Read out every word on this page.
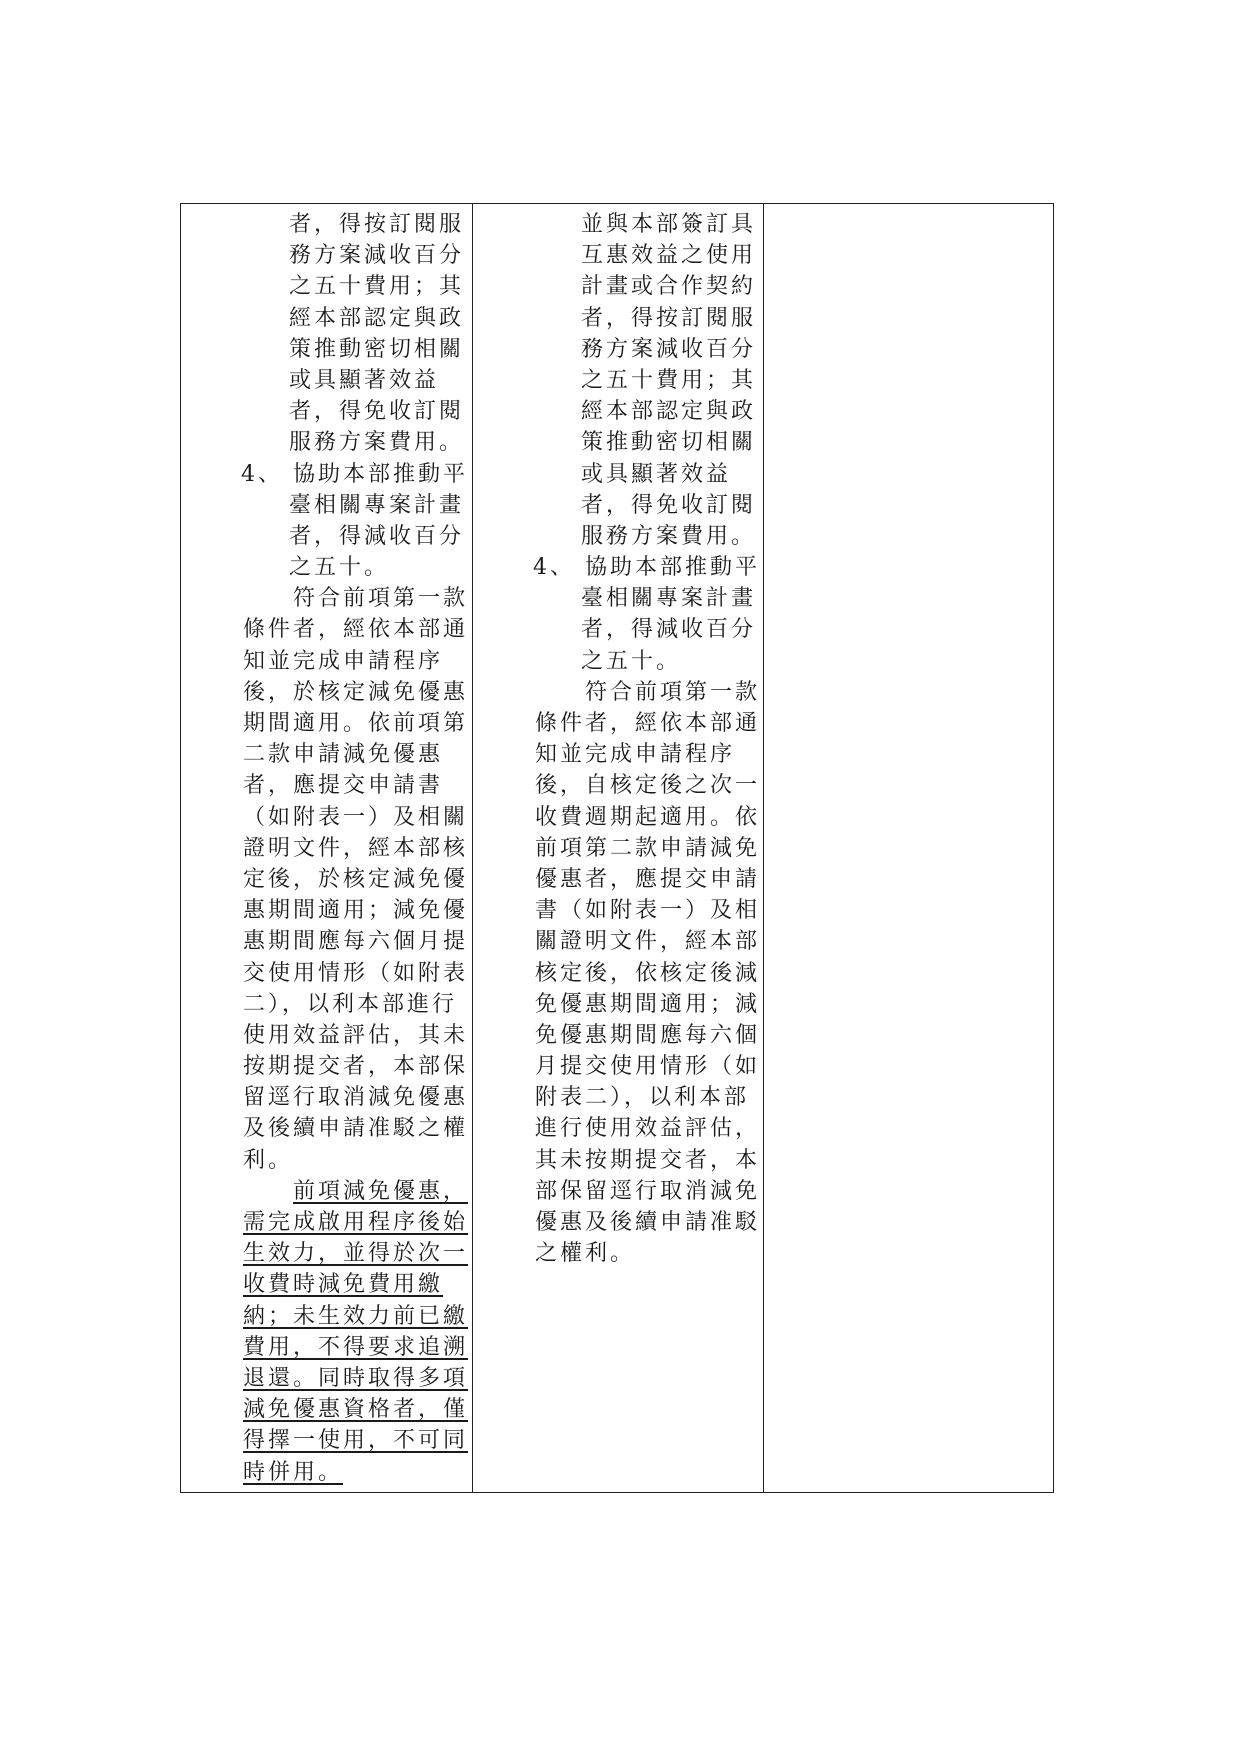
者，得按訂閱服
務方案減收百分
之五十費用；其
經本部認定與政
策推動密切相關
或具顯著效益
者，得免收訂閱
服務方案費用。
4、 協助本部推動平
臺相關專案計畫
者，得減收百分
之五十。
符合前項第一款
條件者，經依本部通
知並完成申請程序
後，於核定減免優惠
期間適用。依前項第
二款申請減免優惠
者，應提交申請書
（如附表一）及相關
證明文件，經本部核
定後，於核定減免優
惠期間適用；減免優
惠期間應每六個月提
交使用情形（如附表
二），以利本部進行
使用效益評估，其未
按期提交者，本部保
留逕行取消減免優惠
及後續申請准駁之權
利。
前項減免優惠，
需完成啟用程序後始
生效力，並得於次一
收費時減免費用繳
納；未生效力前已繳
費用，不得要求追溯
退還。同時取得多項
減免優惠資格者，僅
得擇一使用，不可同
時併用。
並與本部簽訂具
互惠效益之使用
計畫或合作契約
者，得按訂閱服
務方案減收百分
之五十費用；其
經本部認定與政
策推動密切相關
或具顯著效益
者，得免收訂閱
服務方案費用。
4、 協助本部推動平
臺相關專案計畫
者，得減收百分
之五十。
符合前項第一款
條件者，經依本部通
知並完成申請程序
後，自核定後之次一
收費週期起適用。依
前項第二款申請減免
優惠者，應提交申請
書（如附表一）及相
關證明文件，經本部
核定後，依核定後減
免優惠期間適用；減
免優惠期間應每六個
月提交使用情形（如
附表二），以利本部
進行使用效益評估，
其未按期提交者，本
部保留逕行取消減免
優惠及後續申請准駁
之權利。
